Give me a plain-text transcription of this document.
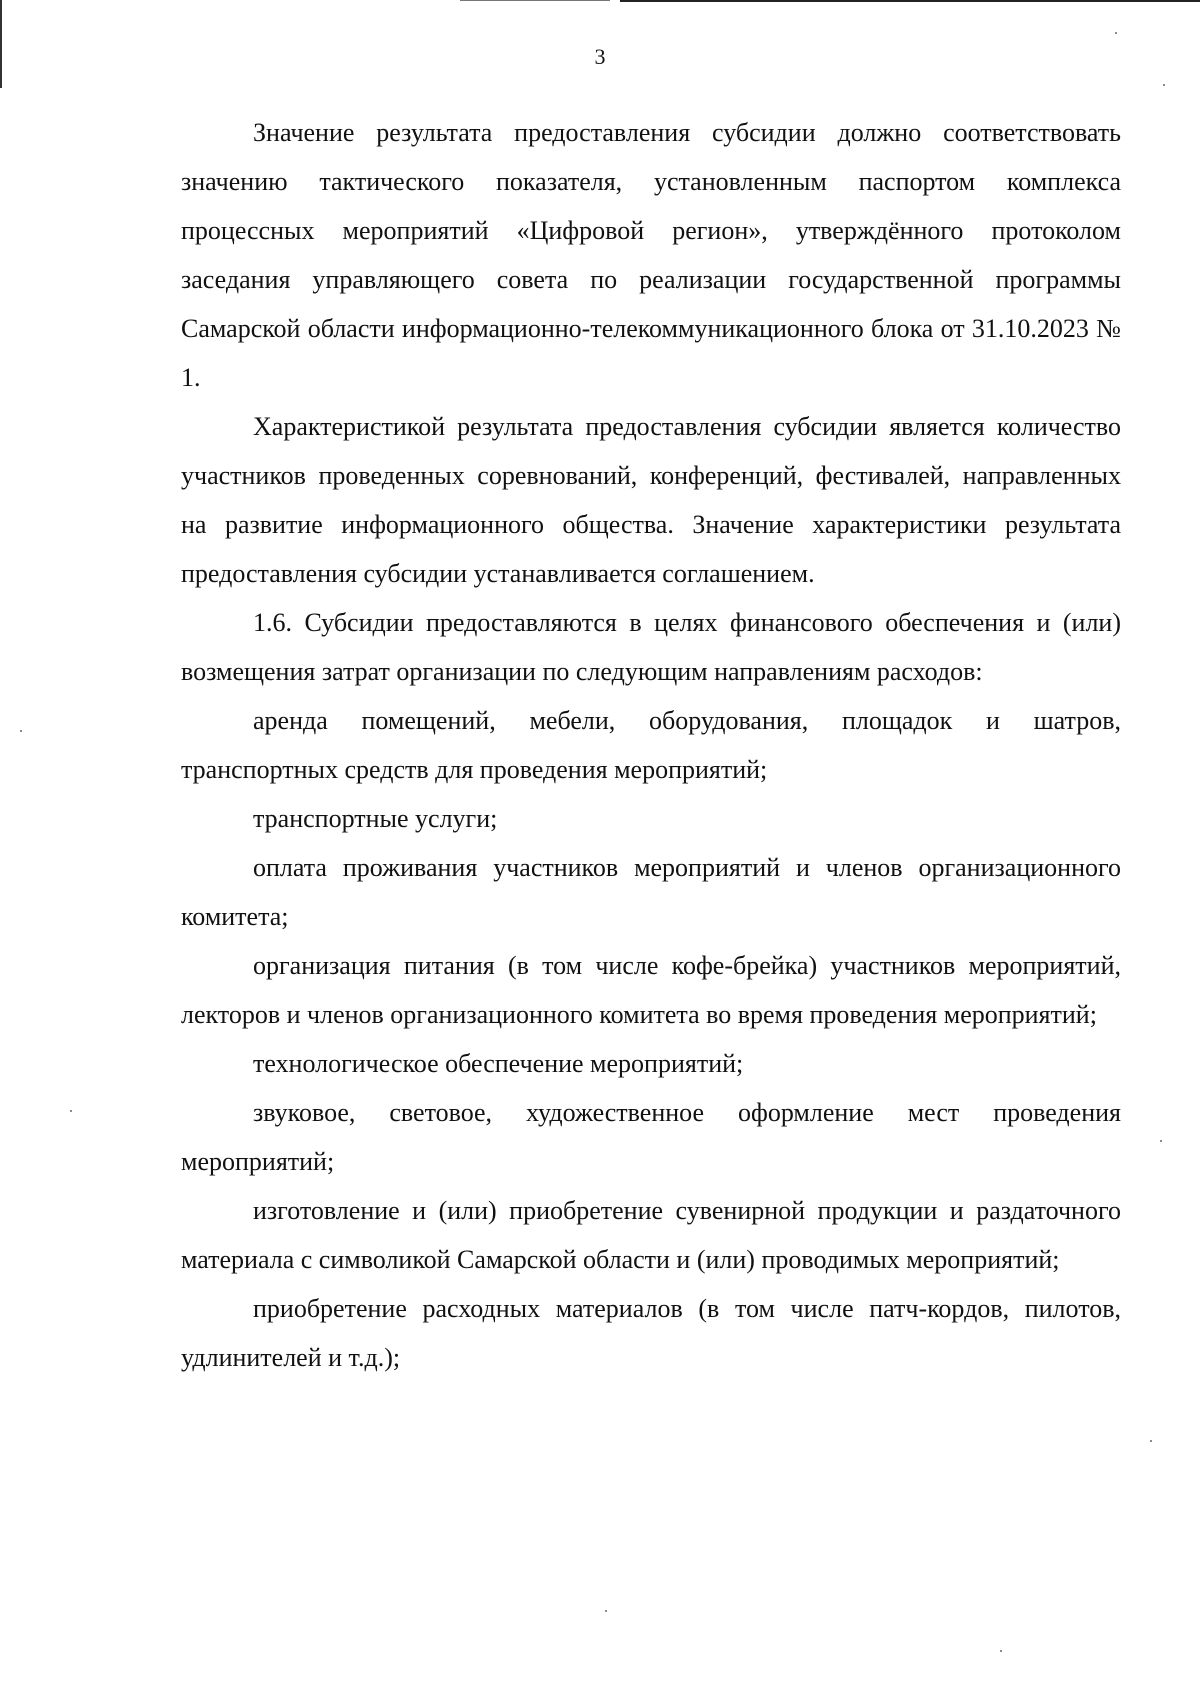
3

Значение результата предоставления субсидии должно соответствовать значению тактического показателя, установленным паспортом комплекса процессных мероприятий «Цифровой регион», утверждённого протоколом заседания управляющего совета по реализации государственной программы Самарской области информационно-телекоммуникационного блока от 31.10.2023 № 1.

Характеристикой результата предоставления субсидии является количество участников проведенных соревнований, конференций, фестивалей, направленных на развитие информационного общества. Значение характеристики результата предоставления субсидии устанавливается соглашением.

1.6. Субсидии предоставляются в целях финансового обеспечения и (или) возмещения затрат организации по следующим направлениям расходов:

аренда помещений, мебели, оборудования, площадок и шатров, транспортных средств для проведения мероприятий;

транспортные услуги;

оплата проживания участников мероприятий и членов организационного комитета;

организация питания (в том числе кофе-брейка) участников мероприятий, лекторов и членов организационного комитета во время проведения мероприятий;

технологическое обеспечение мероприятий;

звуковое, световое, художественное оформление мест проведения мероприятий;

изготовление и (или) приобретение сувенирной продукции и раздаточного материала с символикой Самарской области и (или) проводимых мероприятий;

приобретение расходных материалов (в том числе патч-кордов, пилотов, удлинителей и т.д.);
